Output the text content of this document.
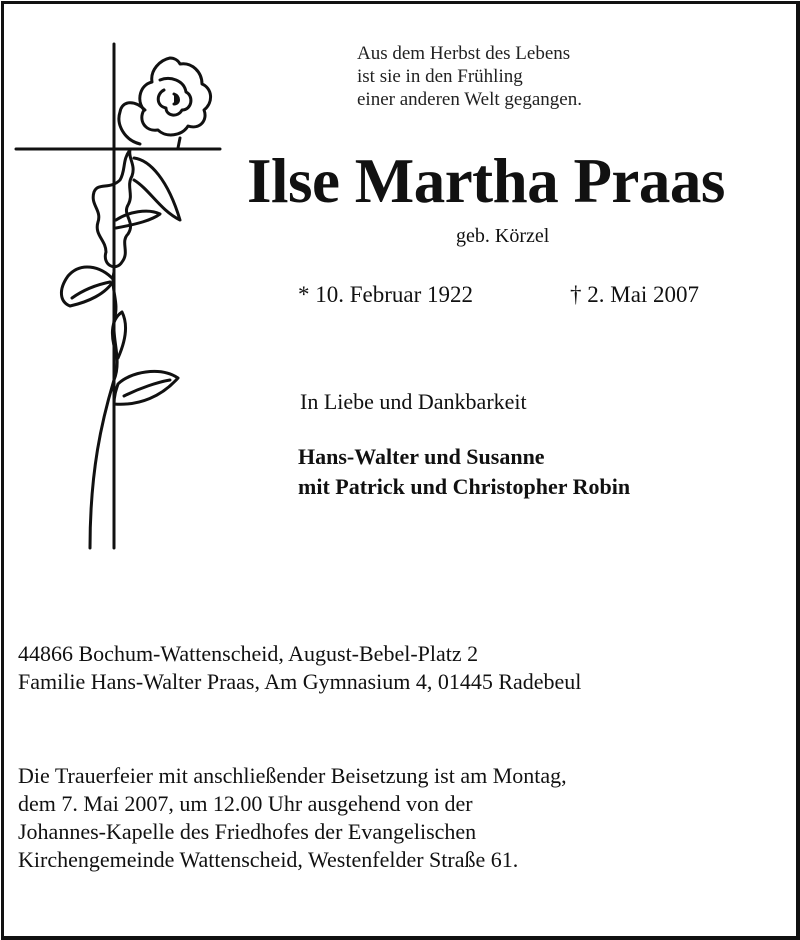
Aus dem Herbst des Lebens
ist sie in den Frühling
einer anderen Welt gegangen.
Ilse Martha Praas
geb. Körzel
* 10. Februar 1922	† 2. Mai 2007
In Liebe und Dankbarkeit
Hans-Walter und Susanne
mit Patrick und Christopher Robin
44866 Bochum-Wattenscheid, August-Bebel-Platz 2
Familie Hans-Walter Praas, Am Gymnasium 4, 01445 Radebeul
Die Trauerfeier mit anschließender Beisetzung ist am Montag,
dem 7. Mai 2007, um 12.00 Uhr ausgehend von der
Johannes-Kapelle des Friedhofes der Evangelischen
Kirchengemeinde Wattenscheid, Westenfelder Straße 61.
